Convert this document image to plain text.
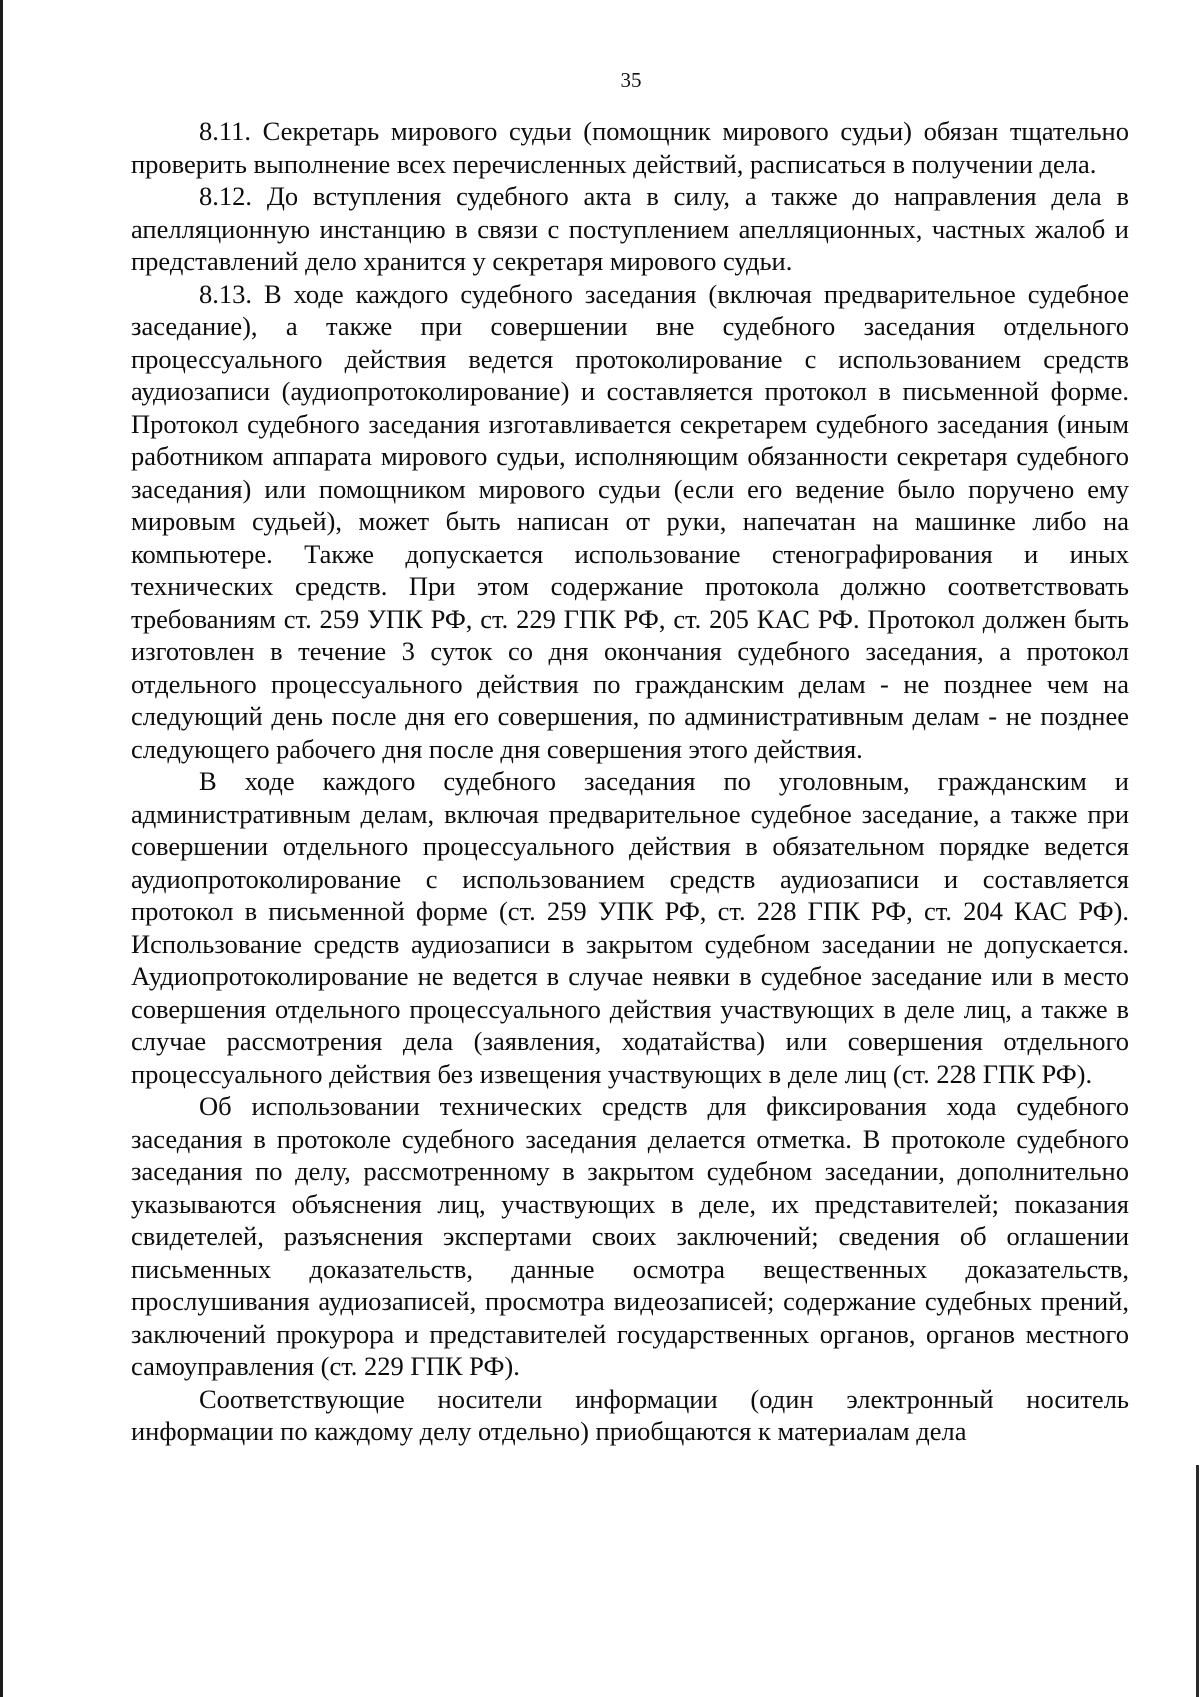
35

8.11. Секретарь мирового судьи (помощник мирового судьи) обязан тщательно проверить выполнение всех перечисленных действий, расписаться в получении дела.

8.12. До вступления судебного акта в силу, а также до направления дела в апелляционную инстанцию в связи с поступлением апелляционных, частных жалоб и представлений дело хранится у секретаря мирового судьи.

8.13. В ходе каждого судебного заседания (включая предварительное судебное заседание), а также при совершении вне судебного заседания отдельного процессуального действия ведется протоколирование с использованием средств аудиозаписи (аудиопротоколирование) и составляется протокол в письменной форме. Протокол судебного заседания изготавливается секретарем судебного заседания (иным работником аппарата мирового судьи, исполняющим обязанности секретаря судебного заседания) или помощником мирового судьи (если его ведение было поручено ему мировым судьей), может быть написан от руки, напечатан на машинке либо на компьютере. Также допускается использование стенографирования и иных технических средств. При этом содержание протокола должно соответствовать требованиям ст. 259 УПК РФ, ст. 229 ГПК РФ, ст. 205 КАС РФ. Протокол должен быть изготовлен в течение 3 суток со дня окончания судебного заседания, а протокол отдельного процессуального действия по гражданским делам - не позднее чем на следующий день после дня его совершения, по административным делам - не позднее следующего рабочего дня после дня совершения этого действия.

В ходе каждого судебного заседания по уголовным, гражданским и административным делам, включая предварительное судебное заседание, а также при совершении отдельного процессуального действия в обязательном порядке ведется аудиопротоколирование с использованием средств аудиозаписи и составляется протокол в письменной форме (ст. 259 УПК РФ, ст. 228 ГПК РФ, ст. 204 КАС РФ). Использование средств аудиозаписи в закрытом судебном заседании не допускается. Аудиопротоколирование не ведется в случае неявки в судебное заседание или в место совершения отдельного процессуального действия участвующих в деле лиц, а также в случае рассмотрения дела (заявления, ходатайства) или совершения отдельного процессуального действия без извещения участвующих в деле лиц (ст. 228 ГПК РФ).

Об использовании технических средств для фиксирования хода судебного заседания в протоколе судебного заседания делается отметка. В протоколе судебного заседания по делу, рассмотренному в закрытом судебном заседании, дополнительно указываются объяснения лиц, участвующих в деле, их представителей; показания свидетелей, разъяснения экспертами своих заключений; сведения об оглашении письменных доказательств, данные осмотра вещественных доказательств, прослушивания аудиозаписей, просмотра видеозаписей; содержание судебных прений, заключений прокурора и представителей государственных органов, органов местного самоуправления (ст. 229 ГПК РФ).

Соответствующие носители информации (один электронный носитель информации по каждому делу отдельно) приобщаются к материалам дела
